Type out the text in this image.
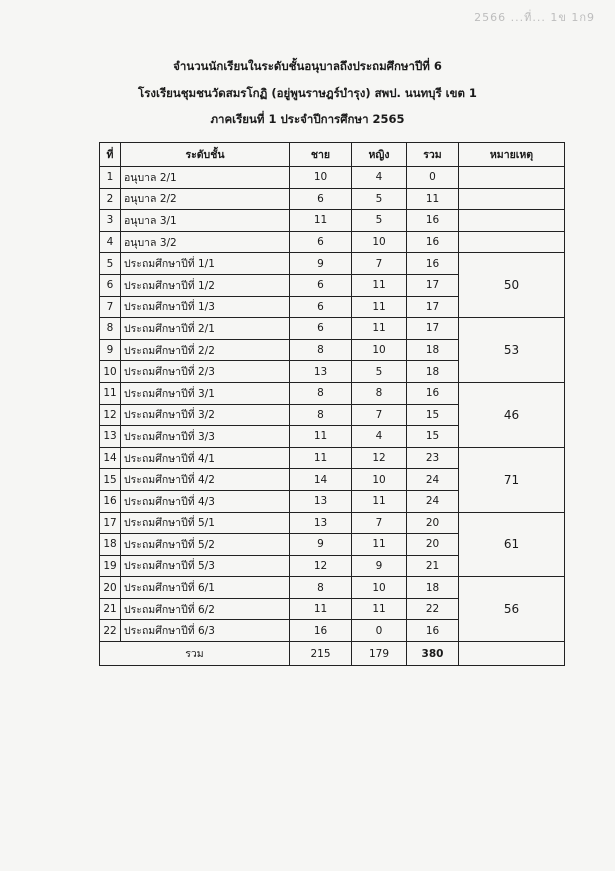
2566 ...ที่... 1ข 1ก9
จำนวนนักเรียนในระดับชั้นอนุบาลถึงประถมศึกษาปีที่ 6
โรงเรียนชุมชนวัดสมรโกฏิ (อยู่พูนราษฎร์บำรุง) สพป. นนทบุรี เขต 1
ภาคเรียนที่ 1 ประจำปีการศึกษา 2565
ที่	ระดับชั้น	ชาย	หญิง	รวม	หมายเหตุ
1	อนุบาล 2/1	10	4	0	
2	อนุบาล 2/2	6	5	11	
3	อนุบาล 3/1	11	5	16	
4	อนุบาล 3/2	6	10	16	
5	ประถมศึกษาปีที่ 1/1	9	7	16	50
6	ประถมศึกษาปีที่ 1/2	6	11	17	
7	ประถมศึกษาปีที่ 1/3	6	11	17	
8	ประถมศึกษาปีที่ 2/1	6	11	17	53
9	ประถมศึกษาปีที่ 2/2	8	10	18	
10	ประถมศึกษาปีที่ 2/3	13	5	18	
11	ประถมศึกษาปีที่ 3/1	8	8	16	46
12	ประถมศึกษาปีที่ 3/2	8	7	15	
13	ประถมศึกษาปีที่ 3/3	11	4	15	
14	ประถมศึกษาปีที่ 4/1	11	12	23	71
15	ประถมศึกษาปีที่ 4/2	14	10	24	
16	ประถมศึกษาปีที่ 4/3	13	11	24	
17	ประถมศึกษาปีที่ 5/1	13	7	20	61
18	ประถมศึกษาปีที่ 5/2	9	11	20	
19	ประถมศึกษาปีที่ 5/3	12	9	21	
20	ประถมศึกษาปีที่ 6/1	8	10	18	56
21	ประถมศึกษาปีที่ 6/2	11	11	22	
22	ประถมศึกษาปีที่ 6/3	16	0	16	
รวม		215	179	380	
